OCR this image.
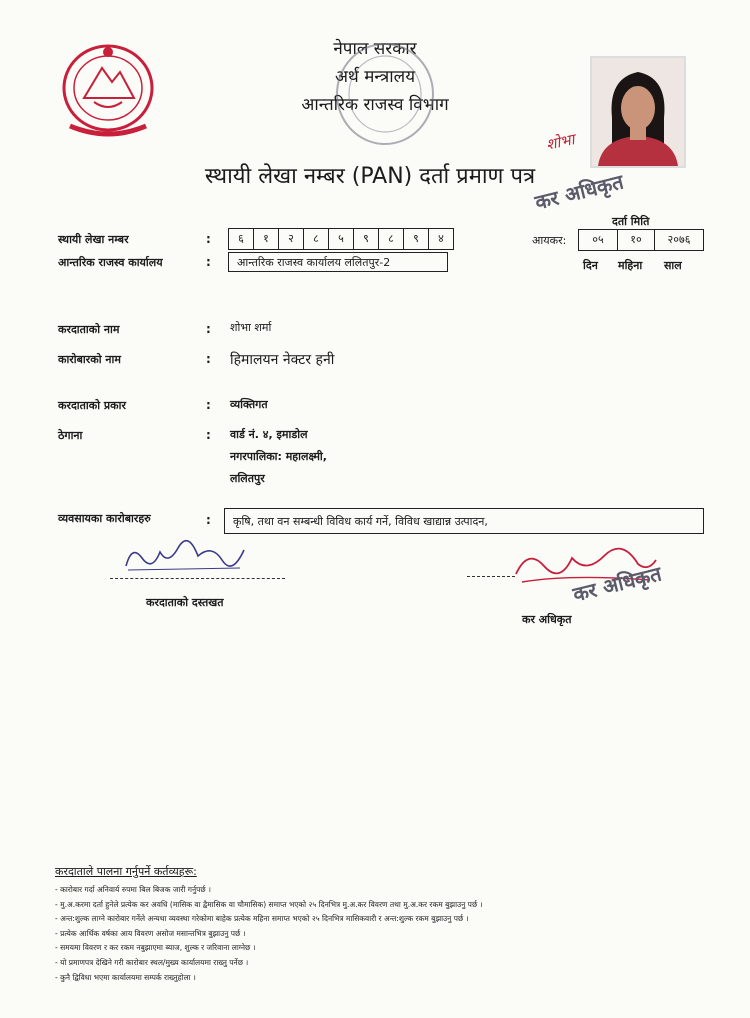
नेपाल सरकार
अर्थ मन्त्रालय
आन्तरिक राजस्व विभाग
स्थायी लेखा नम्बर (PAN) दर्ता प्रमाण पत्र
शोभा
कर अधिकृत
स्थायी लेखा नम्बर	:	६	१	२	८	५	९	८	९	४
आन्तरिक राजस्व कार्यालय	:	आन्तरिक राजस्व कार्यालय ललितपुर-2
दर्ता मिति
आयकर:	०५	१०	२०७६
दिन महिना साल
करदाताको नाम	: शोभा शर्मा
कारोबारको नाम	: हिमालयन नेक्टर हनी
करदाताको प्रकार	: व्यक्तिगत
ठेगाना	: वार्ड नं. ४, इमाडोल
नगरपालिका: महालक्ष्मी,
ललितपुर
व्यवसायका कारोबारहरु	:	कृषि, तथा वन सम्बन्धी विविध कार्य गर्ने, विविध खाद्यान्न उत्पादन,
करदाताको दस्तखत	कर अधिकृत
कर अधिकृत
करदाताले पालना गर्नुपर्ने कर्तव्यहरू:
- कारोबार गर्दा अनिवार्य रुपमा बिल बिजक जारी गर्नुपर्छ ।
- मु.अ.करमा दर्ता हुनेले प्रत्येक कर अवधि (मासिक वा द्वैमासिक वा चौमासिक) समाप्त भएको २५ दिनभित्र मु.अ.कर विवरण तथा मु.अ.कर रकम बुझाउनु पर्छ ।
- अन्त:शुल्क लाग्ने कारोबार गर्नेले अन्यथा व्यवस्था गरेकोमा बाहेक प्रत्येक महिना समाप्त भएको २५ दिनभित्र मासिकवारी र अन्त:शुल्क रकम बुझाउनु पर्छ ।
- प्रत्येक आर्थिक वर्षका आय विवरण असोज मसान्तभित्र बुझाउनु पर्छ ।
- समयमा विवरण र कर रकम नबुझाएमा ब्याज, शुल्क र जरिवाना लाग्नेछ ।
- यो प्रमाणपत्र देखिने गरी कारोबार स्थल/मुख्य कार्यालयमा राख्नु पर्नेछ ।
- कुनै द्विविधा भएमा कार्यालयमा सम्पर्क राख्नुहोला ।
